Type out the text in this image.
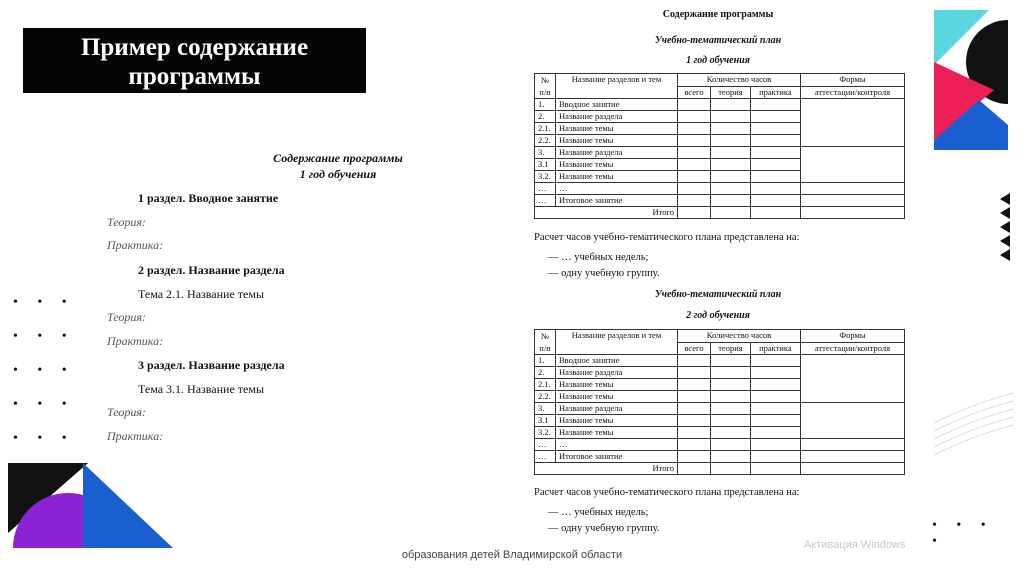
• • •
• • •
• • •
• • •
• • •
• • • •
Пример содержание программы
Содержание программы
1 год обучения
1 раздел. Вводное занятие
Теория:
Практика:
2 раздел. Название раздела
Тема 2.1. Название темы
Теория:
Практика:
3 раздел. Название раздела
Тема 3.1. Название темы
Теория:
Практика:
Содержание программы
Учебно-тематический план
1 год обучения
№ п/п	Название разделов и тем	Количество часов			Формы
		всего	теория	практика	аттестации/контроля
1.	Вводное занятие				
2.	Название раздела				
2.1.	Название темы				
2.2.	Название темы				
3.	Название раздела				
3.1	Название темы				
3.2.	Название темы				
…	…				
…	Итоговое занятие				
Итого					
Расчет часов учебно-тематического плана представлена на:
— … учебных недель;
— одну учебную группу.
Учебно-тематический план
2 год обучения
№ п/п	Название разделов и тем	Количество часов			Формы
		всего	теория	практика	аттестации/контроля
1.	Вводное занятие				
2.	Название раздела				
2.1.	Название темы				
2.2.	Название темы				
3.	Название раздела				
3.1	Название темы				
3.2.	Название темы				
…	…				
…	Итоговое занятие				
Итого					
Расчет часов учебно-тематического плана представлена на:
— … учебных недель;
— одну учебную группу.
Активация Windows
образования детей Владимирской области
